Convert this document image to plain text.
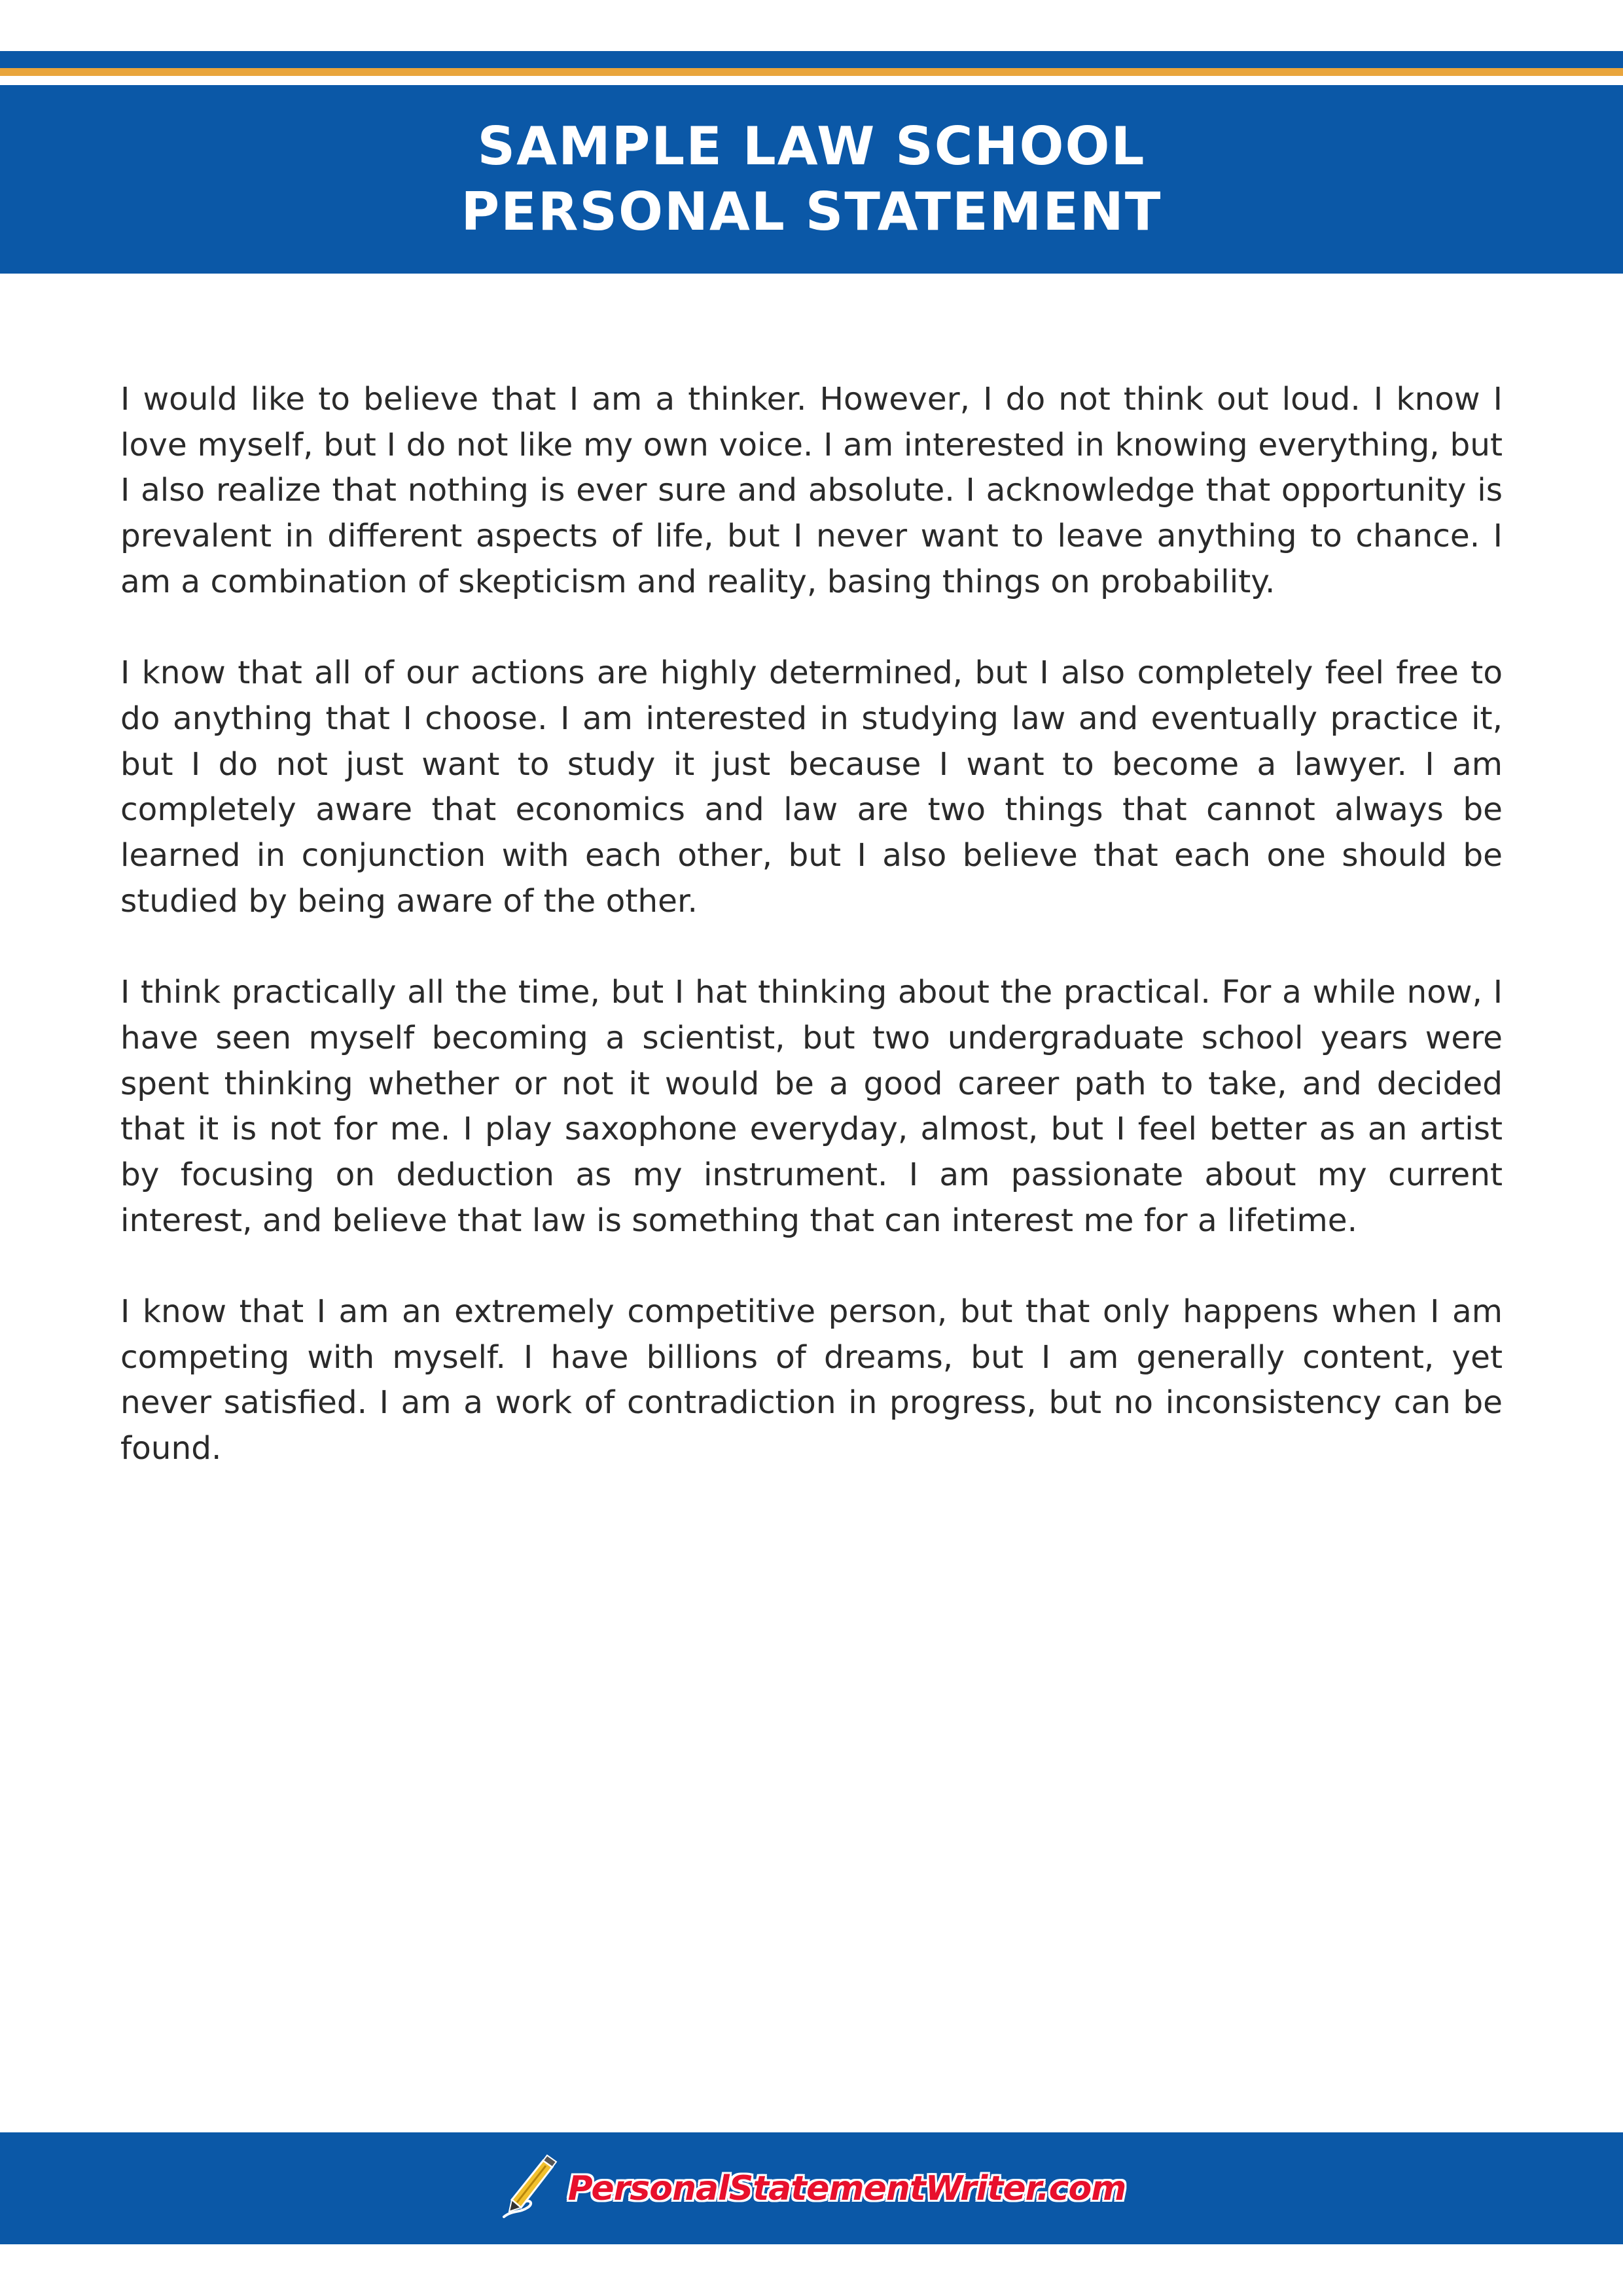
SAMPLE LAW SCHOOL
PERSONAL STATEMENT

I would like to believe that I am a thinker. However, I do not think out loud. I know I love myself, but I do not like my own voice. I am interested in knowing everything, but I also realize that nothing is ever sure and absolute. I acknowledge that opportunity is prevalent in different aspects of life, but I never want to leave anything to chance. I am a combination of skepticism and reality, basing things on probability.

I know that all of our actions are highly determined, but I also completely feel free to do anything that I choose. I am interested in studying law and eventually practice it, but I do not just want to study it just because I want to become a lawyer. I am completely aware that economics and law are two things that cannot always be learned in conjunction with each other, but I also believe that each one should be studied by being aware of the other.

I think practically all the time, but I hat thinking about the practical. For a while now, I have seen myself becoming a scientist, but two undergraduate school years were spent thinking whether or not it would be a good career path to take, and decided that it is not for me. I play saxophone everyday, almost, but I feel better as an artist by focusing on deduction as my instrument. I am passionate about my current interest, and believe that law is something that can interest me for a lifetime.

I know that I am an extremely competitive person, but that only happens when I am competing with myself. I have billions of dreams, but I am generally content, yet never satisfied. I am a work of contradiction in progress, but no inconsistency can be found.

PersonalStatementWriter.com
